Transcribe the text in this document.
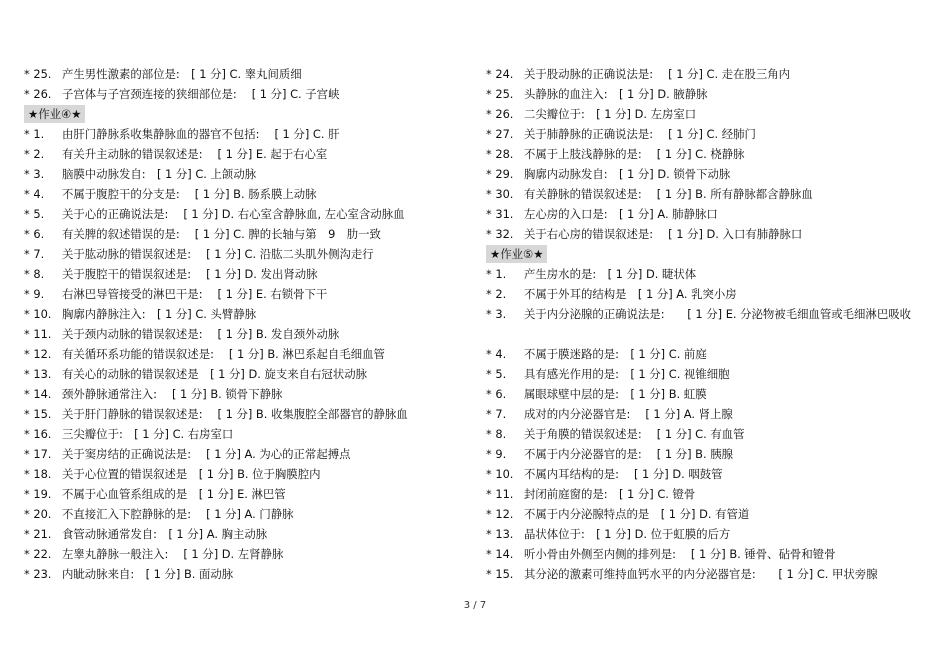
* 25. 产生男性激素的部位是:　[ 1 分] C. 睾丸间质细
* 26. 子宫体与子宫颈连接的狭细部位是:　 [ 1 分] C. 子宫峡
★作业④★
* 1. 由肝门静脉系收集静脉血的器官不包括:　 [ 1 分] C. 肝
* 2. 有关升主动脉的错误叙述是:　 [ 1 分] E. 起于右心室
* 3. 脑膜中动脉发自:　[ 1 分] C. 上颌动脉
* 4. 不属于腹腔干的分支是:　 [ 1 分] B. 肠系膜上动脉
* 5. 关于心的正确说法是:　 [ 1 分] D. 右心室含静脉血, 左心室含动脉血
* 6. 有关脾的叙述错误的是:　 [ 1 分] C. 脾的长轴与第　9　肋一致
* 7. 关于肱动脉的错误叙述是:　 [ 1 分] C. 沿肱二头肌外侧沟走行
* 8. 关于腹腔干的错误叙述是:　 [ 1 分] D. 发出肾动脉
* 9. 右淋巴导管接受的淋巴干是:　 [ 1 分] E. 右锁骨下干
* 10. 胸廓内静脉注入:　[ 1 分] C. 头臂静脉
* 11. 关于颈内动脉的错误叙述是:　 [ 1 分] B. 发自颈外动脉
* 12. 有关循环系功能的错误叙述是:　 [ 1 分] B. 淋巴系起自毛细血管
* 13. 有关心的动脉的错误叙述是　[ 1 分] D. 旋支来自右冠状动脉
* 14. 颈外静脉通常注入:　 [ 1 分] B. 锁骨下静脉
* 15. 关于肝门静脉的错误叙述是:　 [ 1 分] B. 收集腹腔全部器官的静脉血
* 16. 三尖瓣位于:　[ 1 分] C. 右房室口
* 17. 关于窦房结的正确说法是:　 [ 1 分] A. 为心的正常起搏点
* 18. 关于心位置的错误叙述是　[ 1 分] B. 位于胸膜腔内
* 19. 不属于心血管系组成的是　[ 1 分] E. 淋巴管
* 20. 不直接汇入下腔静脉的是:　 [ 1 分] A. 门静脉
* 21. 食管动脉通常发自:　[ 1 分] A. 胸主动脉
* 22. 左睾丸静脉一般注入:　 [ 1 分] D. 左肾静脉
* 23. 内眦动脉来自:　[ 1 分] B. 面动脉
* 24. 关于股动脉的正确说法是:　 [ 1 分] C. 走在股三角内
* 25. 头静脉的血注入:　[ 1 分] D. 腋静脉
* 26. 二尖瓣位于:　[ 1 分] D. 左房室口
* 27. 关于肺静脉的正确说法是:　 [ 1 分] C. 经肺门
* 28. 不属于上肢浅静脉的是:　 [ 1 分] C. 桡静脉
* 29. 胸廓内动脉发自:　[ 1 分] D. 锁骨下动脉
* 30. 有关静脉的错误叙述是:　 [ 1 分] B. 所有静脉都含静脉血
* 31. 左心房的入口是:　[ 1 分] A. 肺静脉口
* 32. 关于右心房的错误叙述是:　 [ 1 分] D. 入口有肺静脉口
★作业⑤★
* 1. 产生房水的是:　[ 1 分] D. 睫状体
* 2. 不属于外耳的结构是　[ 1 分] A. 乳突小房
* 3.	关于内分泌腺的正确说法是:　　[ 1 分] E. 分泌物被毛细血管或毛细淋巴吸收
* 4. 不属于膜迷路的是:　[ 1 分] C. 前庭
* 5. 具有感光作用的是:　[ 1 分] C. 视锥细胞
* 6. 属眼球壁中层的是:　[ 1 分] B. 虹膜
* 7. 成对的内分泌器官是:　 [ 1 分] A. 肾上腺
* 8. 关于角膜的错误叙述是:　 [ 1 分] C. 有血管
* 9. 不属于内分泌器官的是:　 [ 1 分] B. 胰腺
* 10. 不属内耳结构的是:　 [ 1 分] D. 咽鼓管
* 11. 封闭前庭窗的是:　[ 1 分] C. 镫骨
* 12. 不属于内分泌腺特点的是　[ 1 分] D. 有管道
* 13. 晶状体位于:　[ 1 分] D. 位于虹膜的后方
* 14. 听小骨由外侧至内侧的排列是:　 [ 1 分] B. 锤骨、砧骨和镫骨
* 15. 其分泌的激素可维持血钙水平的内分泌器官是:　　[ 1 分] C. 甲状旁腺
3 / 7
